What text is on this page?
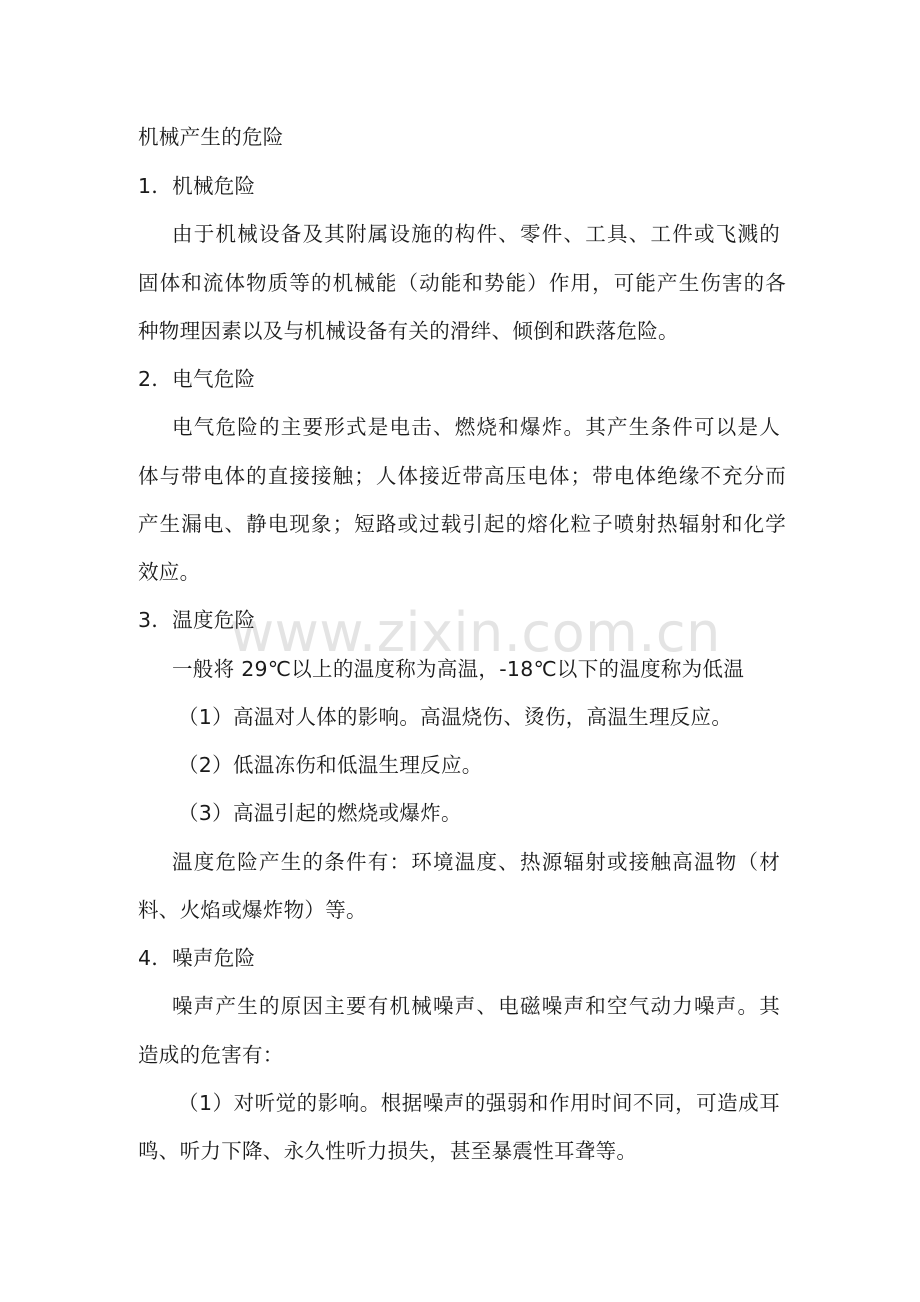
www.zixin.com.cn
机械产生的危险
1．机械危险
由于机械设备及其附属设施的构件、零件、工具、工件或飞溅的
固体和流体物质等的机械能（动能和势能）作用，可能产生伤害的各
种物理因素以及与机械设备有关的滑绊、倾倒和跌落危险。
2．电气危险
电气危险的主要形式是电击、燃烧和爆炸。其产生条件可以是人
体与带电体的直接接触；人体接近带高压电体；带电体绝缘不充分而
产生漏电、静电现象；短路或过载引起的熔化粒子喷射热辐射和化学
效应。
3．温度危险
一般将 29℃以上的温度称为高温，-18℃以下的温度称为低温
（1）高温对人体的影响。高温烧伤、烫伤，高温生理反应。
（2）低温冻伤和低温生理反应。
（3）高温引起的燃烧或爆炸。
温度危险产生的条件有：环境温度、热源辐射或接触高温物（材
料、火焰或爆炸物）等。
4．噪声危险
噪声产生的原因主要有机械噪声、电磁噪声和空气动力噪声。其
造成的危害有：
（1）对听觉的影响。根据噪声的强弱和作用时间不同，可造成耳
鸣、听力下降、永久性听力损失，甚至暴震性耳聋等。
